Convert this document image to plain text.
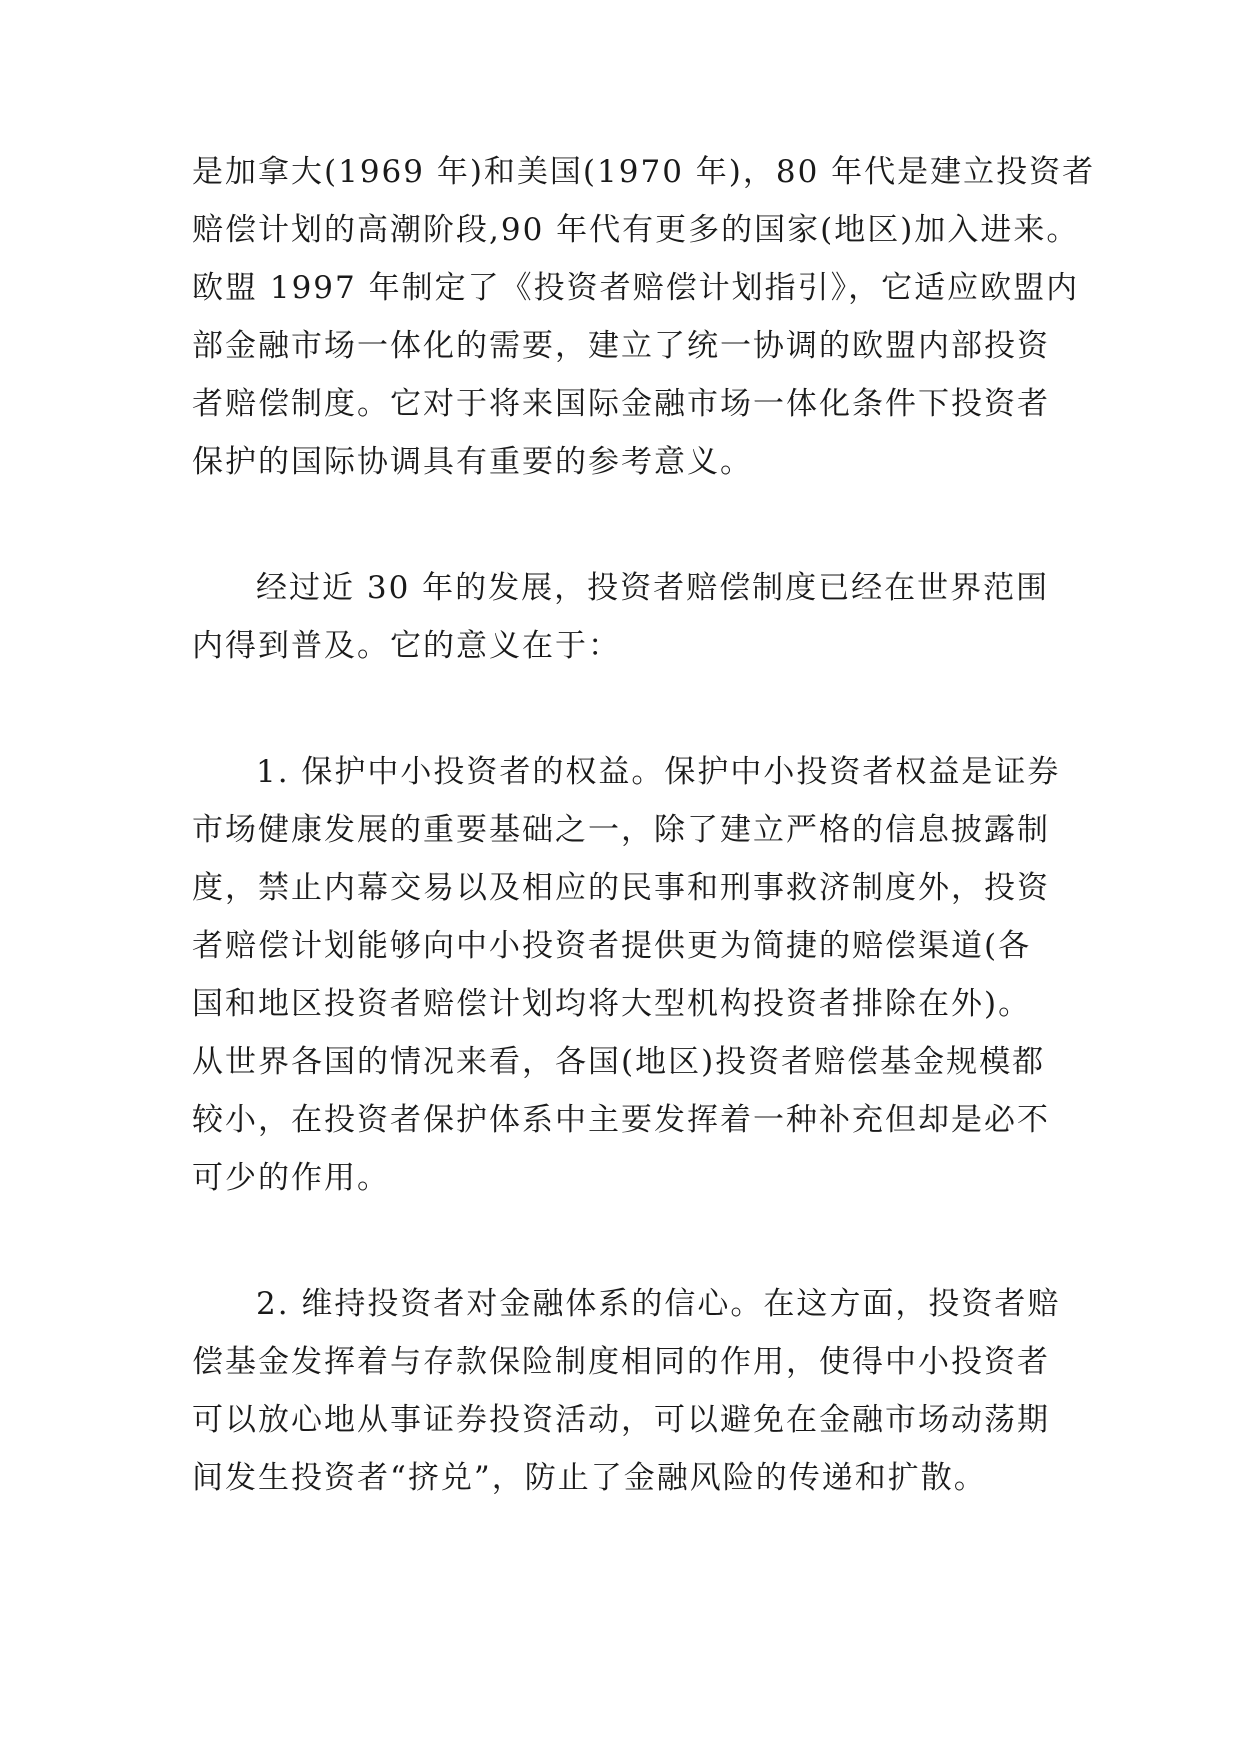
是加拿大(1969 年)和美国(1970 年)，80 年代是建立投资者
赔偿计划的高潮阶段,90 年代有更多的国家(地区)加入进来。
欧盟 1997 年制定了《投资者赔偿计划指引》，它适应欧盟内
部金融市场一体化的需要，建立了统一协调的欧盟内部投资
者赔偿制度。它对于将来国际金融市场一体化条件下投资者
保护的国际协调具有重要的参考意义。
经过近 30 年的发展，投资者赔偿制度已经在世界范围
内得到普及。它的意义在于：
1. 保护中小投资者的权益。保护中小投资者权益是证券
市场健康发展的重要基础之一，除了建立严格的信息披露制
度，禁止内幕交易以及相应的民事和刑事救济制度外，投资
者赔偿计划能够向中小投资者提供更为简捷的赔偿渠道(各
国和地区投资者赔偿计划均将大型机构投资者排除在外)。
从世界各国的情况来看，各国(地区)投资者赔偿基金规模都
较小，在投资者保护体系中主要发挥着一种补充但却是必不
可少的作用。
2. 维持投资者对金融体系的信心。在这方面，投资者赔
偿基金发挥着与存款保险制度相同的作用，使得中小投资者
可以放心地从事证券投资活动，可以避免在金融市场动荡期
间发生投资者“挤兑”，防止了金融风险的传递和扩散。
